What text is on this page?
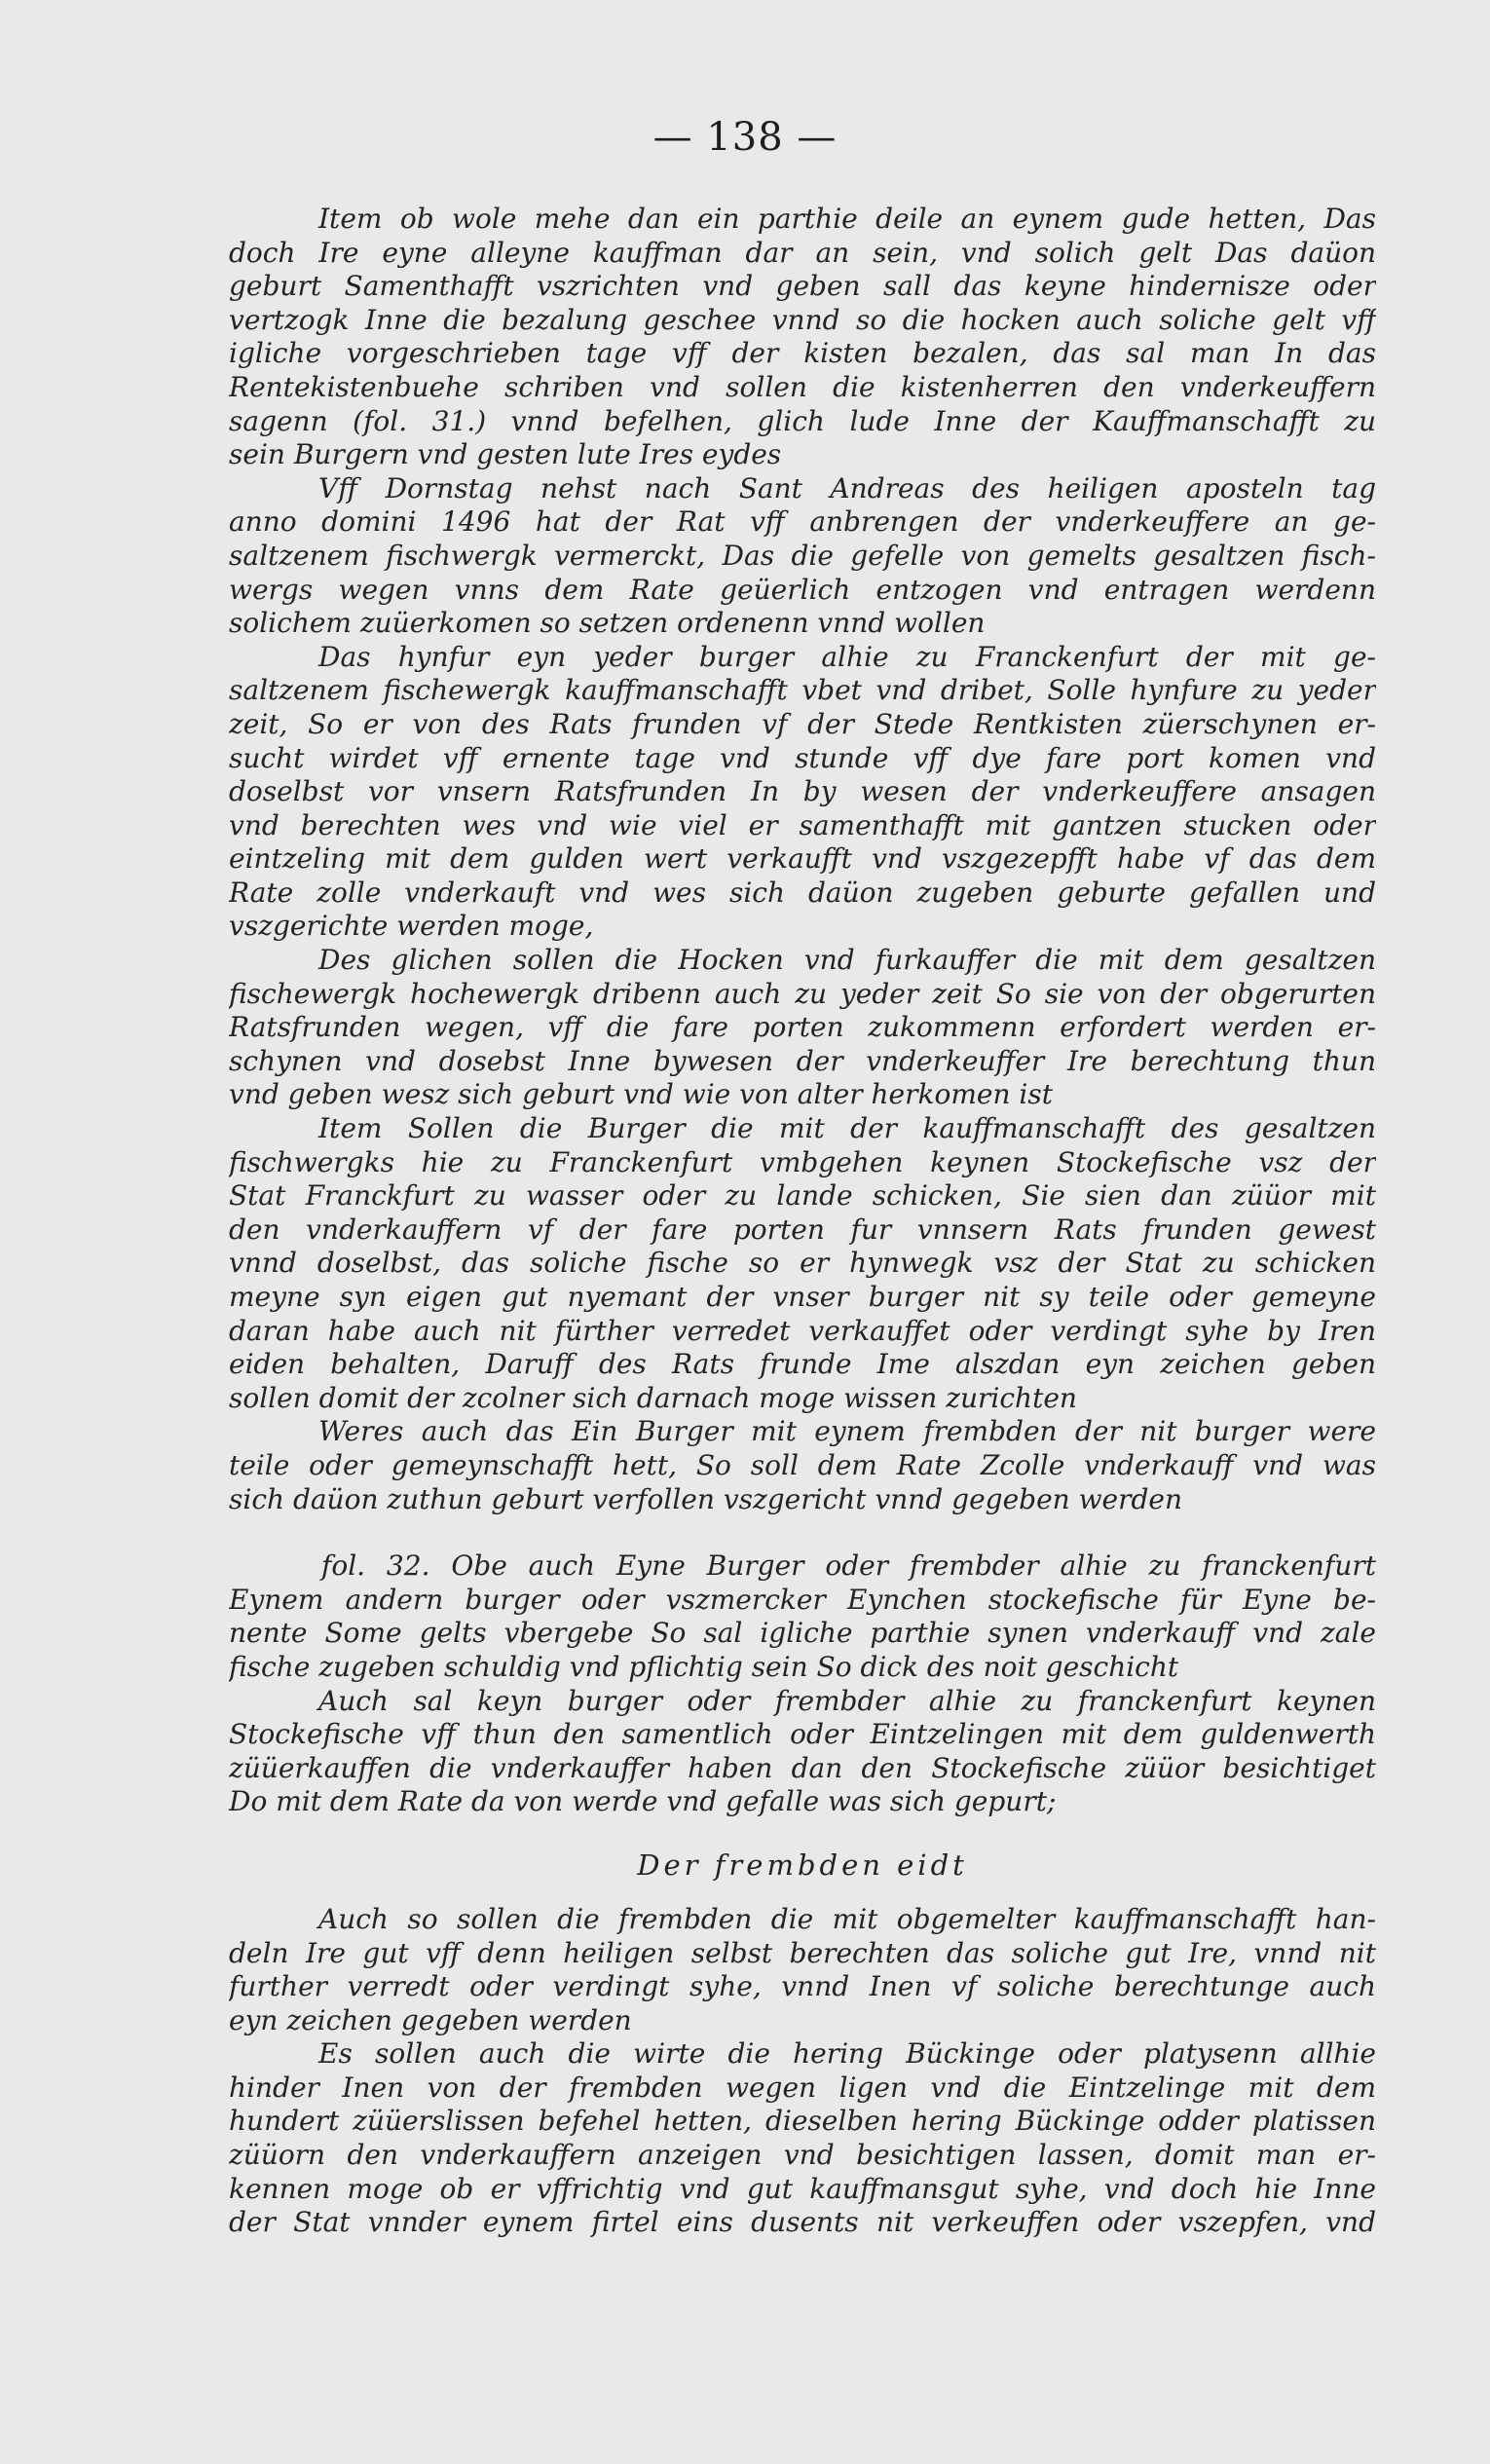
— 138 —
Item ob wole mehe dan ein parthie deile an eynem gude hetten, Das
doch Ire eyne alleyne kauffman dar an sein, vnd solich gelt Das daüon
geburt Samenthafft vszrichten vnd geben sall das keyne hindernisze oder
vertzogk Inne die bezalung geschee vnnd so die hocken auch soliche gelt vff
igliche vorgeschrieben tage vff der kisten bezalen, das sal man In das
Rentekistenbuehe schriben vnd sollen die kistenherren den vnderkeuffern
sagenn (fol. 31.) vnnd befelhen, glich lude Inne der Kauffmanschafft zu
sein Burgern vnd gesten lute Ires eydes
Vff Dornstag nehst nach Sant Andreas des heiligen aposteln tag
anno domini 1496 hat der Rat vff anbrengen der vnderkeuffere an ge-
saltzenem fischwergk vermerckt, Das die gefelle von gemelts gesaltzen fisch-
wergs wegen vnns dem Rate geüerlich entzogen vnd entragen werdenn
solichem zuüerkomen so setzen ordenenn vnnd wollen
Das hynfur eyn yeder burger alhie zu Franckenfurt der mit ge-
saltzenem fischewergk kauffmanschafft vbet vnd dribet, Solle hynfure zu yeder
zeit, So er von des Rats frunden vf der Stede Rentkisten züerschynen er-
sucht wirdet vff ernente tage vnd stunde vff dye fare port komen vnd
doselbst vor vnsern Ratsfrunden In by wesen der vnderkeuffere ansagen
vnd berechten wes vnd wie viel er samenthafft mit gantzen stucken oder
eintzeling mit dem gulden wert verkaufft vnd vszgezepfft habe vf das dem
Rate zolle vnderkauft vnd wes sich daüon zugeben geburte gefallen und
vszgerichte werden moge,
Des glichen sollen die Hocken vnd furkauffer die mit dem gesaltzen
fischewergk hochewergk dribenn auch zu yeder zeit So sie von der obgerurten
Ratsfrunden wegen, vff die fare porten zukommenn erfordert werden er-
schynen vnd dosebst Inne bywesen der vnderkeuffer Ire berechtung thun
vnd geben wesz sich geburt vnd wie von alter herkomen ist
Item Sollen die Burger die mit der kauffmanschafft des gesaltzen
fischwergks hie zu Franckenfurt vmbgehen keynen Stockefische vsz der
Stat Franckfurt zu wasser oder zu lande schicken, Sie sien dan züüor mit
den vnderkauffern vf der fare porten fur vnnsern Rats frunden gewest
vnnd doselbst, das soliche fische so er hynwegk vsz der Stat zu schicken
meyne syn eigen gut nyemant der vnser burger nit sy teile oder gemeyne
daran habe auch nit fürther verredet verkauffet oder verdingt syhe by Iren
eiden behalten, Daruff des Rats frunde Ime alszdan eyn zeichen geben
sollen domit der zcolner sich darnach moge wissen zurichten
Weres auch das Ein Burger mit eynem frembden der nit burger were
teile oder gemeynschafft hett, So soll dem Rate Zcolle vnderkauff vnd was
sich daüon zuthun geburt verfollen vszgericht vnnd gegeben werden
fol. 32. Obe auch Eyne Burger oder frembder alhie zu franckenfurt
Eynem andern burger oder vszmercker Eynchen stockefische für Eyne be-
nente Some gelts vbergebe So sal igliche parthie synen vnderkauff vnd zale
fische zugeben schuldig vnd pflichtig sein So dick des noit geschicht
Auch sal keyn burger oder frembder alhie zu franckenfurt keynen
Stockefische vff thun den samentlich oder Eintzelingen mit dem guldenwerth
züüerkauffen die vnderkauffer haben dan den Stockefische züüor besichtiget
Do mit dem Rate da von werde vnd gefalle was sich gepurt;
Der frembden eidt
Auch so sollen die frembden die mit obgemelter kauffmanschafft han-
deln Ire gut vff denn heiligen selbst berechten das soliche gut Ire, vnnd nit
further verredt oder verdingt syhe, vnnd Inen vf soliche berechtunge auch
eyn zeichen gegeben werden
Es sollen auch die wirte die hering Bückinge oder platysenn allhie
hinder Inen von der frembden wegen ligen vnd die Eintzelinge mit dem
hundert züüerslissen befehel hetten, dieselben hering Bückinge odder platissen
züüorn den vnderkauffern anzeigen vnd besichtigen lassen, domit man er-
kennen moge ob er vffrichtig vnd gut kauffmansgut syhe, vnd doch hie Inne
der Stat vnnder eynem firtel eins dusents nit verkeuffen oder vszepfen, vnd
